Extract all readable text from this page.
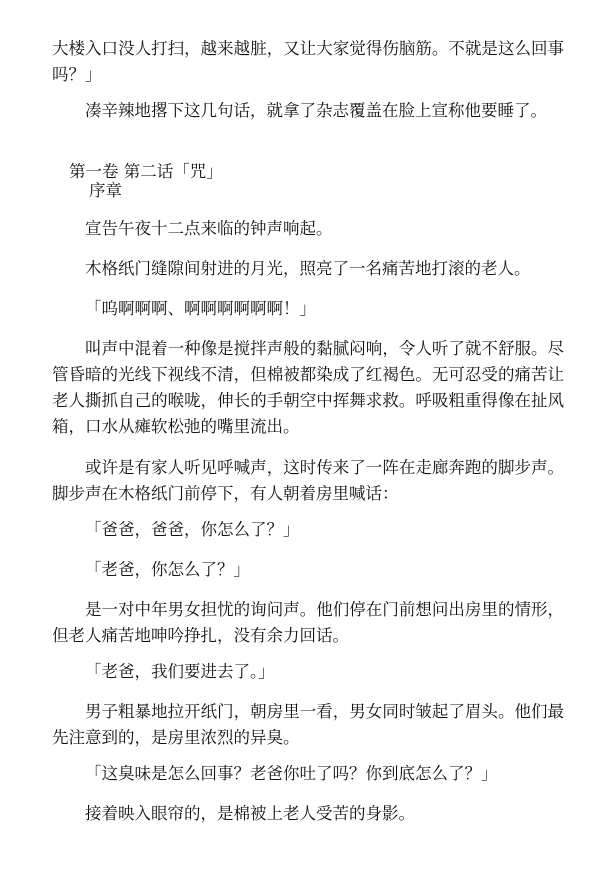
大楼入口没人打扫，越来越脏，又让大家觉得伤脑筋。不就是这么回事吗？」
凑辛辣地撂下这几句话，就拿了杂志覆盖在脸上宣称他要睡了。
第一卷 第二话「咒」
序章
宣告午夜十二点来临的钟声响起。
木格纸门缝隙间射进的月光，照亮了一名痛苦地打滚的老人。
「呜啊啊啊、啊啊啊啊啊啊！」
叫声中混着一种像是搅拌声般的黏腻闷响，令人听了就不舒服。尽管昏暗的光线下视线不清，但棉被都染成了红褐色。无可忍受的痛苦让老人撕抓自己的喉咙，伸长的手朝空中挥舞求救。呼吸粗重得像在扯风箱，口水从瘫软松弛的嘴里流出。
或许是有家人听见呼喊声，这时传来了一阵在走廊奔跑的脚步声。脚步声在木格纸门前停下，有人朝着房里喊话：
「爸爸，爸爸，你怎么了？」
「老爸，你怎么了？」
是一对中年男女担忧的询问声。他们停在门前想问出房里的情形，但老人痛苦地呻吟挣扎，没有余力回话。
「老爸，我们要进去了。」
男子粗暴地拉开纸门，朝房里一看，男女同时皱起了眉头。他们最先注意到的，是房里浓烈的异臭。
「这臭味是怎么回事？老爸你吐了吗？你到底怎么了？」
接着映入眼帘的，是棉被上老人受苦的身影。
